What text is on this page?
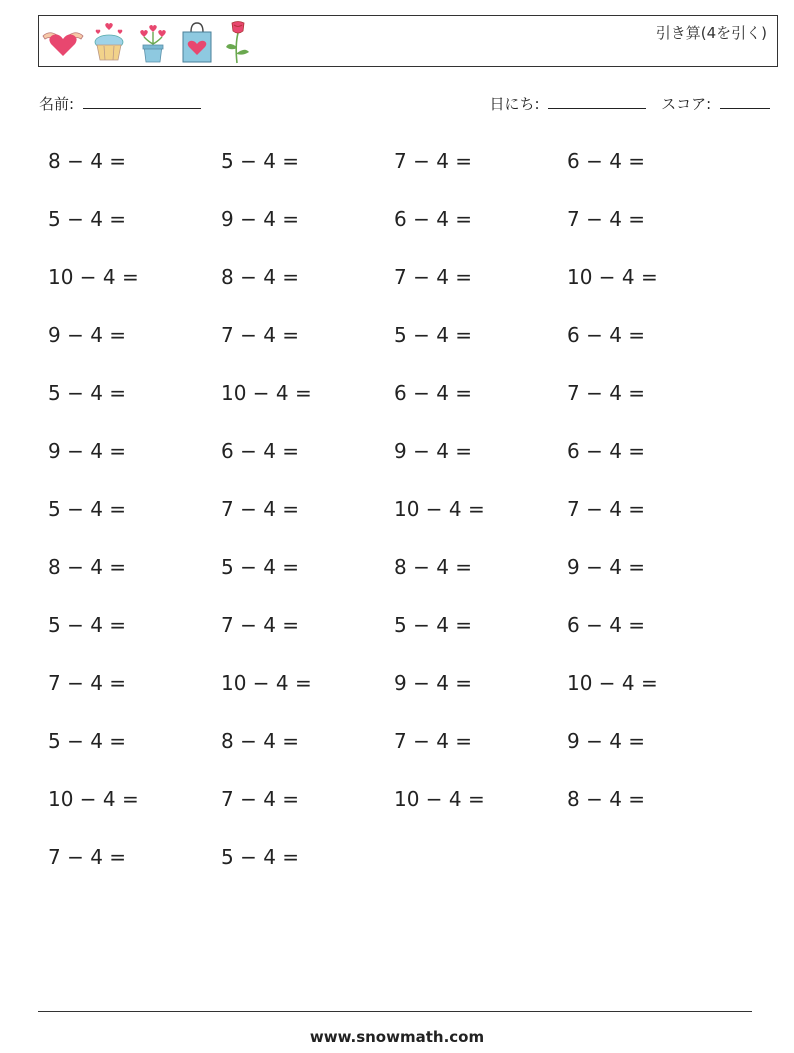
引き算(4を引く)
名前:	日にち:	スコア:
8 − 4 =	5 − 4 =	7 − 4 =	6 − 4 =
5 − 4 =	9 − 4 =	6 − 4 =	7 − 4 =
10 − 4 =	8 − 4 =	7 − 4 =	10 − 4 =
9 − 4 =	7 − 4 =	5 − 4 =	6 − 4 =
5 − 4 =	10 − 4 =	6 − 4 =	7 − 4 =
9 − 4 =	6 − 4 =	9 − 4 =	6 − 4 =
5 − 4 =	7 − 4 =	10 − 4 =	7 − 4 =
8 − 4 =	5 − 4 =	8 − 4 =	9 − 4 =
5 − 4 =	7 − 4 =	5 − 4 =	6 − 4 =
7 − 4 =	10 − 4 =	9 − 4 =	10 − 4 =
5 − 4 =	8 − 4 =	7 − 4 =	9 − 4 =
10 − 4 =	7 − 4 =	10 − 4 =	8 − 4 =
7 − 4 =	5 − 4 =
www.snowmath.com
